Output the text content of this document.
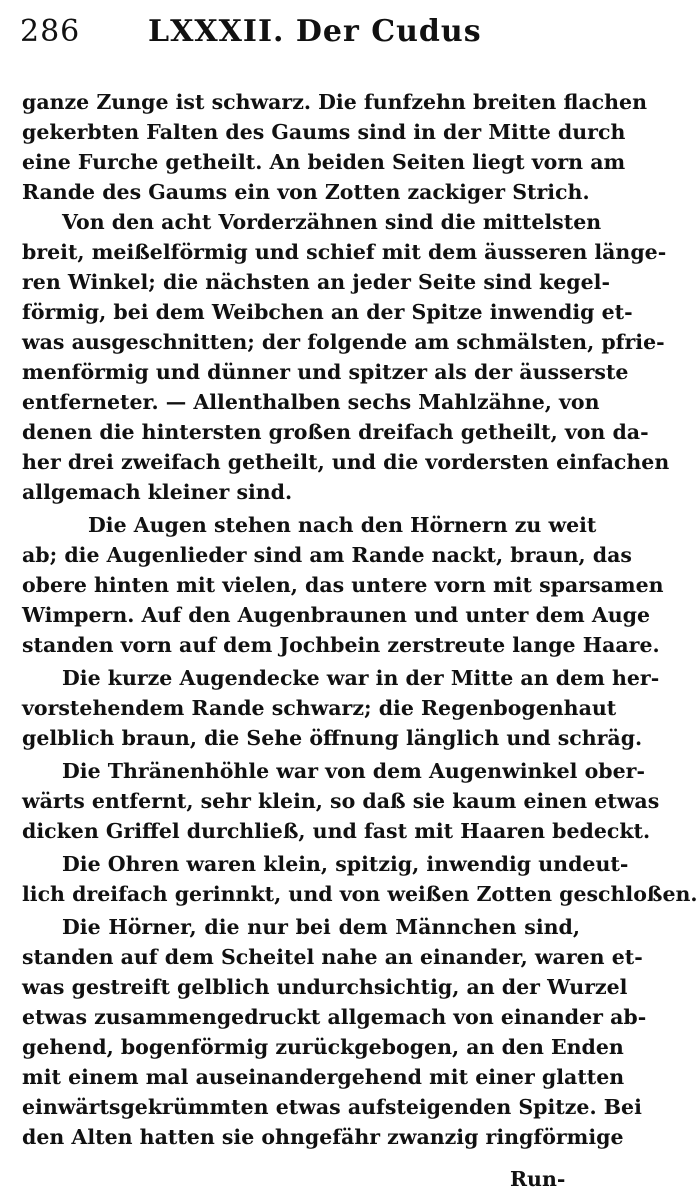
286 LXXXII. Der Cudus
ganze Zunge ist schwarz. Die funfzehn breiten flachen
gekerbten Falten des Gaums sind in der Mitte durch
eine Furche getheilt. An beiden Seiten liegt vorn am
Rande des Gaums ein von Zotten zackiger Strich.
Von den acht Vorderzähnen sind die mittelsten
breit, meißelförmig und schief mit dem äusseren länge-
ren Winkel; die nächsten an jeder Seite sind kegel-
förmig, bei dem Weibchen an der Spitze inwendig et-
was ausgeschnitten; der folgende am schmälsten, pfrie-
menförmig und dünner und spitzer als der äusserste
entferneter. — Allenthalben sechs Mahlzähne, von
denen die hintersten großen dreifach getheilt, von da-
her drei zweifach getheilt, und die vordersten einfachen
allgemach kleiner sind.
Die Augen stehen nach den Hörnern zu weit
ab; die Augenlieder sind am Rande nackt, braun, das
obere hinten mit vielen, das untere vorn mit sparsamen
Wimpern. Auf den Augenbraunen und unter dem Auge
standen vorn auf dem Jochbein zerstreute lange Haare.
Die kurze Augendecke war in der Mitte an dem her-
vorstehendem Rande schwarz; die Regenbogenhaut
gelblich braun, die Sehe öffnung länglich und schräg.
Die Thränenhöhle war von dem Augenwinkel ober-
wärts entfernt, sehr klein, so daß sie kaum einen etwas
dicken Griffel durchließ, und fast mit Haaren bedeckt.
Die Ohren waren klein, spitzig, inwendig undeut-
lich dreifach gerinnkt, und von weißen Zotten geschloßen.
Die Hörner, die nur bei dem Männchen sind,
standen auf dem Scheitel nahe an einander, waren et-
was gestreift gelblich undurchsichtig, an der Wurzel
etwas zusammengedruckt allgemach von einander ab-
gehend, bogenförmig zurückgebogen, an den Enden
mit einem mal auseinandergehend mit einer glatten
einwärtsgekrümmten etwas aufsteigenden Spitze. Bei
den Alten hatten sie ohngefähr zwanzig ringförmige
Run-
